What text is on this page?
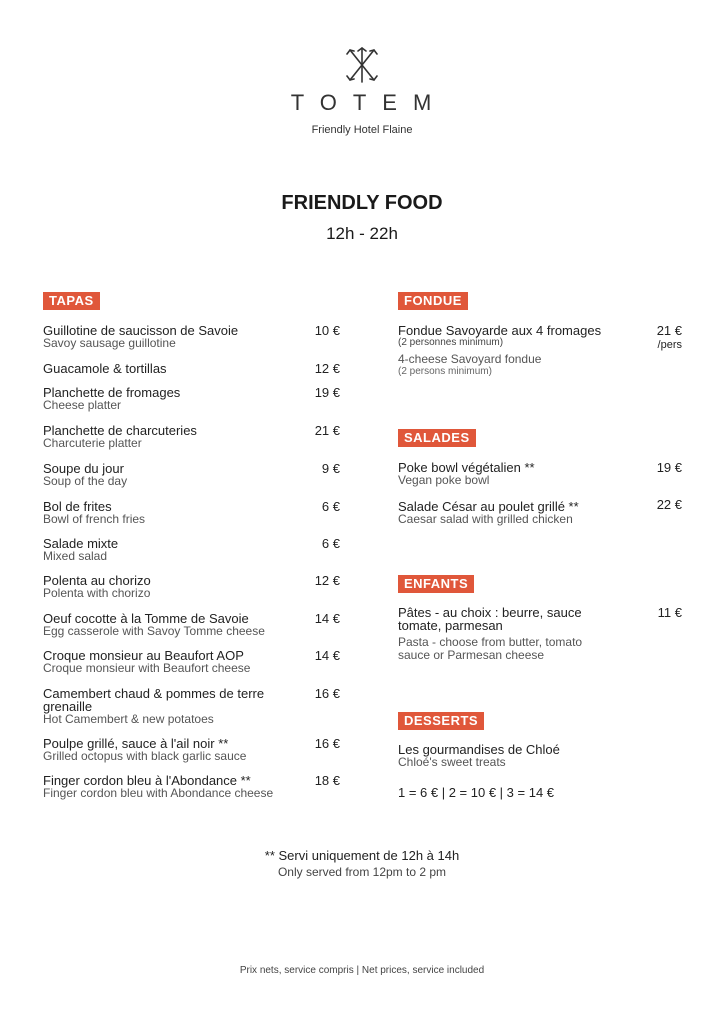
TOTEM
Friendly Hotel Flaine
FRIENDLY FOOD
12h - 22h
TAPAS
Guillotine de saucisson de Savoie
Savoy sausage guillotine
10 €
Guacamole & tortillas	12 €
Planchette de fromages
Cheese platter
19 €
Planchette de charcuteries
Charcuterie platter
21 €
Soupe du jour
Soup of the day
9 €
Bol de frites
Bowl of french fries
6 €
Salade mixte
Mixed salad
6 €
Polenta au chorizo
Polenta with chorizo
12 €
Oeuf cocotte à la Tomme de Savoie
Egg casserole with Savoy Tomme cheese
14 €
Croque monsieur au Beaufort AOP
Croque monsieur with Beaufort cheese
14 €
Camembert chaud & pommes de terre grenaille
Hot Camembert & new potatoes
16 €
Poulpe grillé, sauce à l'ail noir **
Grilled octopus with black garlic sauce
16 €
Finger cordon bleu à l'Abondance **
Finger cordon bleu with Abondance cheese
18 €
FONDUE
Fondue Savoyarde aux 4 fromages
(2 personnes minimum)
4-cheese Savoyard fondue
(2 persons minimum)
21 €
/pers
SALADES
Poke bowl végétalien **
Vegan poke bowl
19 €
Salade César au poulet grillé **
Caesar salad with grilled chicken
22 €
ENFANTS
Pâtes - au choix : beurre, sauce
tomate, parmesan
Pasta - choose from butter, tomato
sauce or Parmesan cheese
11 €
DESSERTS
Les gourmandises de Chloé
Chloé's sweet treats
1 = 6 € | 2 = 10 € | 3 = 14 €
** Servi uniquement de 12h à 14h
Only served from 12pm to 2 pm
Prix nets, service compris | Net prices, service included
